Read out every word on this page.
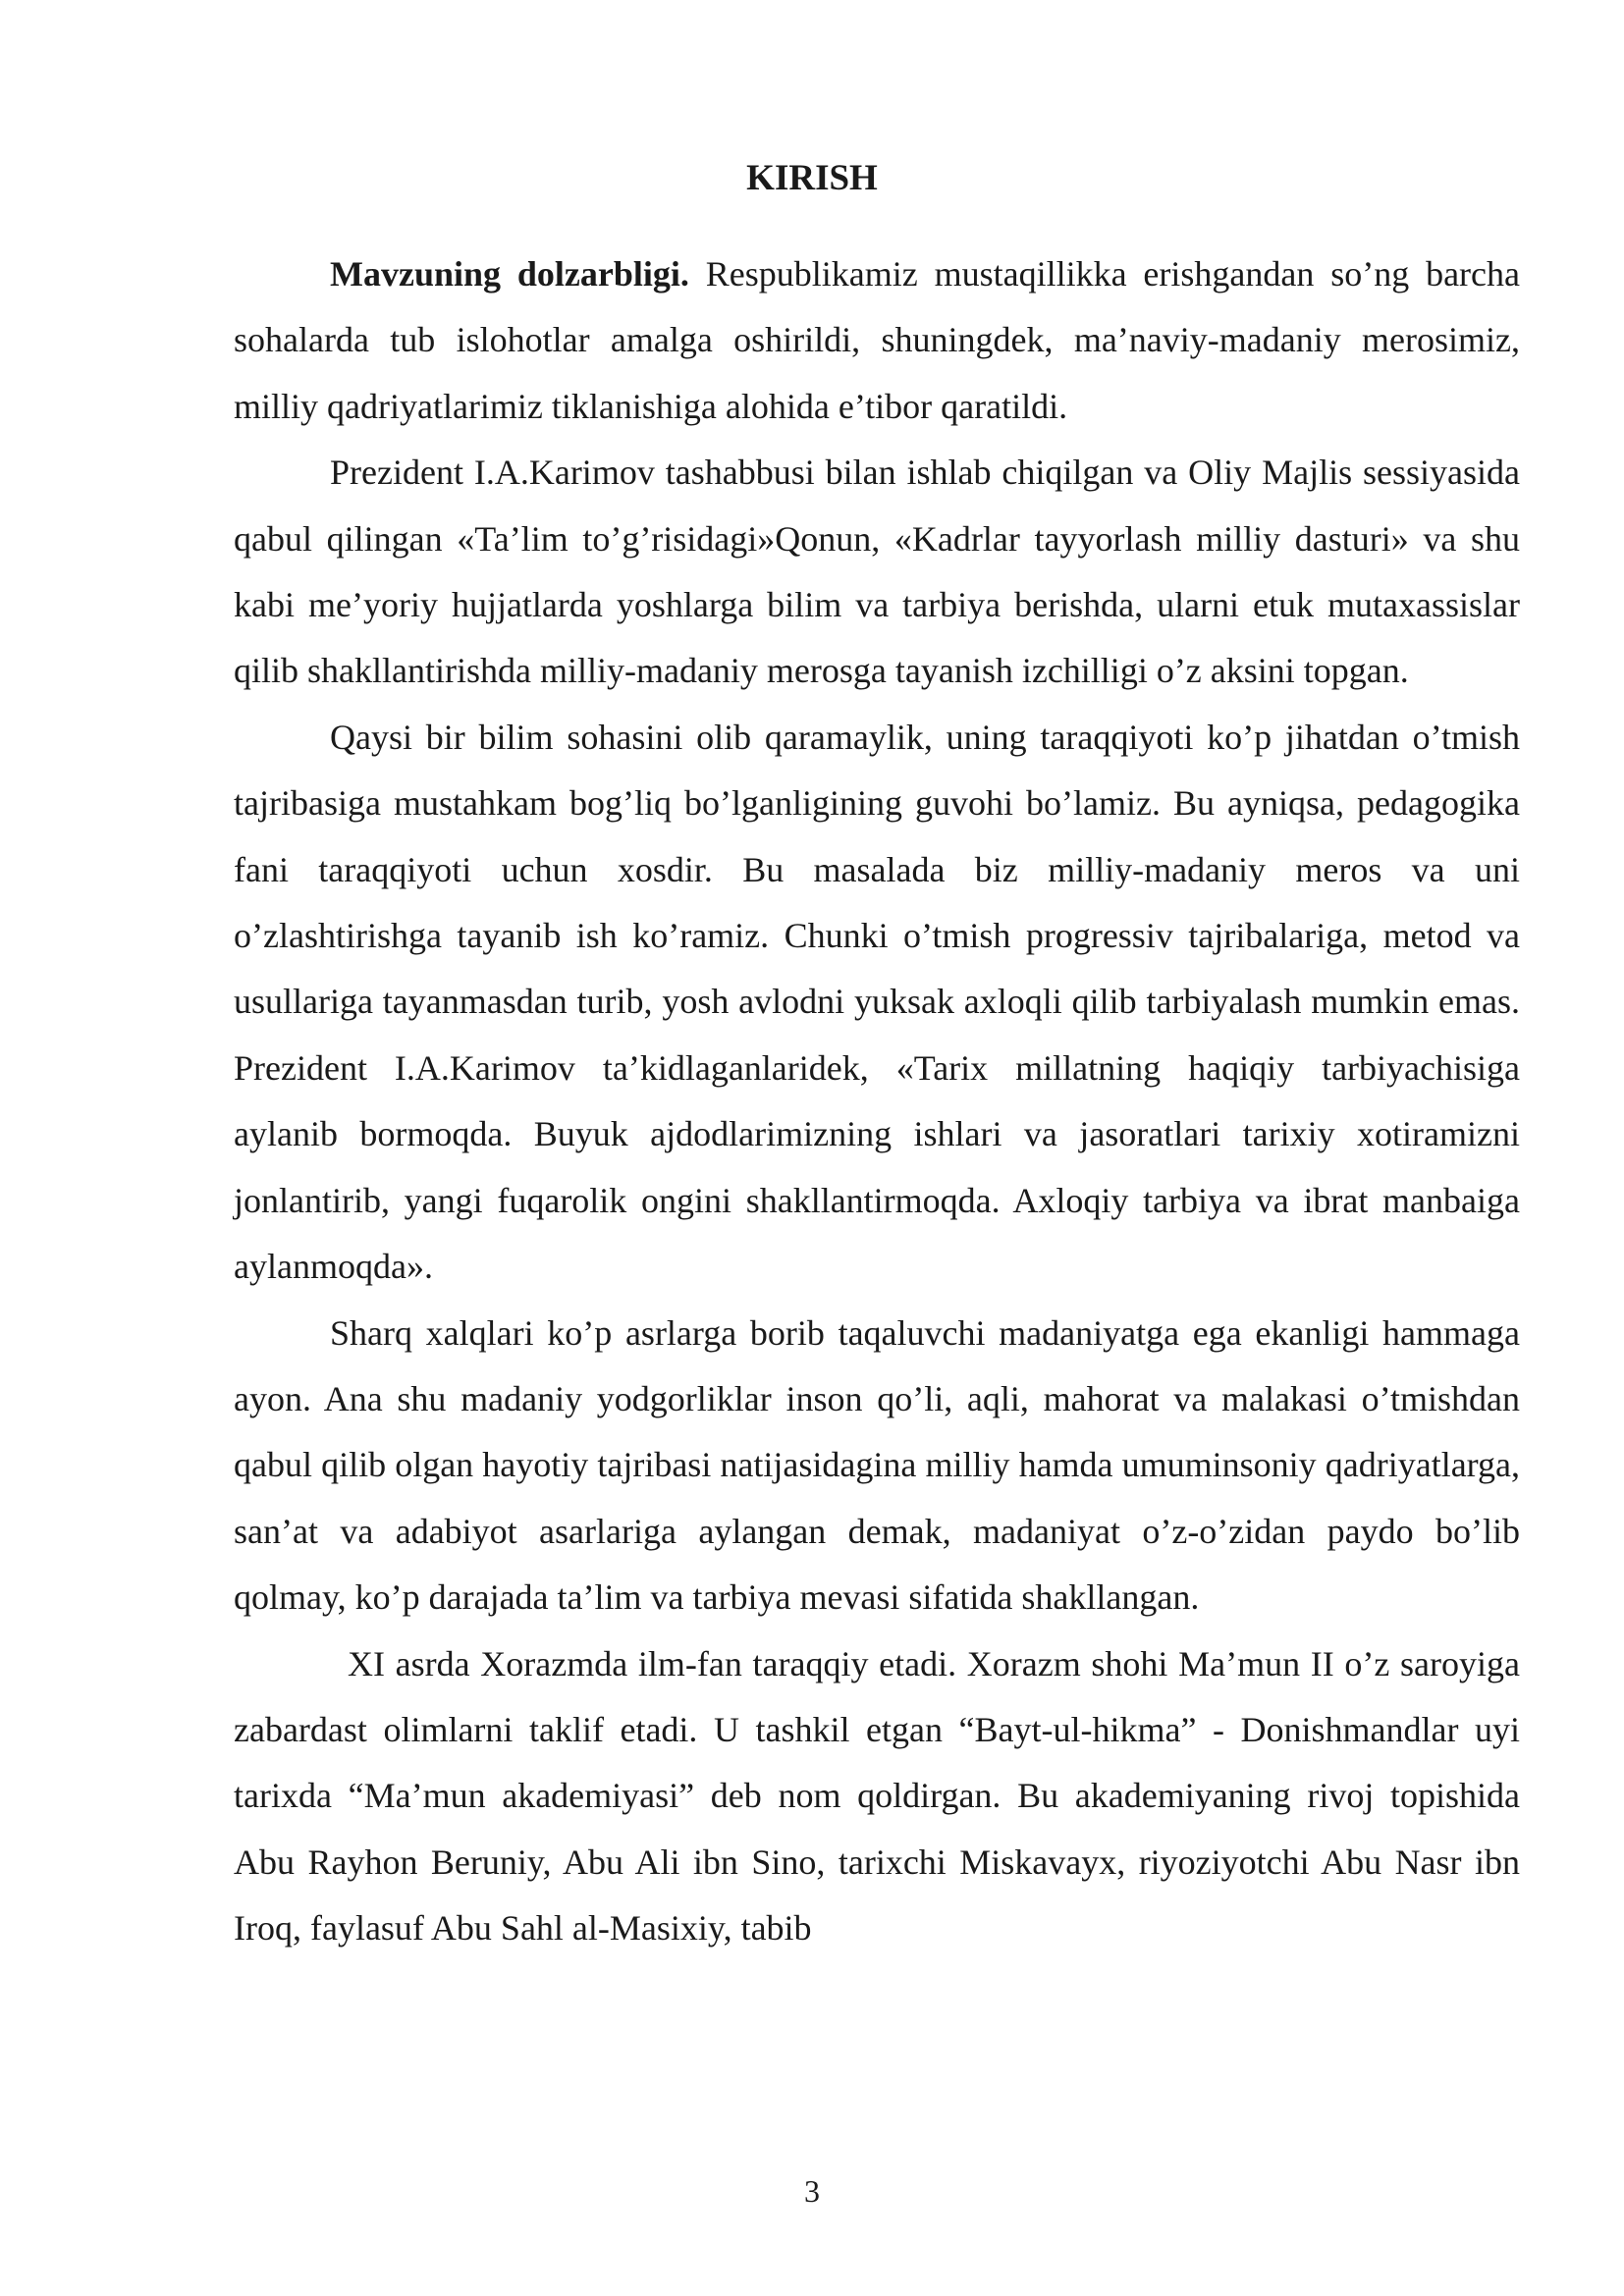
KIRISH

Mavzuning dolzarbligi. Respublikamiz mustaqillikka erishgandan so’ng barcha sohalarda tub islohotlar amalga oshirildi, shuningdek, ma’naviy-madaniy merosimiz, milliy qadriyatlarimiz tiklanishiga alohida e’tibor qaratildi.

Prezident I.A.Karimov tashabbusi bilan ishlab chiqilgan va Oliy Majlis sessiyasida qabul qilingan «Ta’lim to’g’risidagi»Qonun, «Kadrlar tayyorlash milliy dasturi» va shu kabi me’yoriy hujjatlarda yoshlarga bilim va tarbiya berishda, ularni etuk mutaxassislar qilib shakllantirishda milliy-madaniy merosga tayanish izchilligi o’z aksini topgan.

Qaysi bir bilim sohasini olib qaramaylik, uning taraqqiyoti ko’p jihatdan o’tmish tajribasiga mustahkam bog’liq bo’lganligining guvohi bo’lamiz. Bu ayniqsa, pedagogika fani taraqqiyoti uchun xosdir. Bu masalada biz milliy-madaniy meros va uni o’zlashtirishga tayanib ish ko’ramiz. Chunki o’tmish progressiv tajribalariga, metod va usullariga tayanmasdan turib, yosh avlodni yuksak axloqli qilib tarbiyalash mumkin emas. Prezident I.A.Karimov ta’kidlaganlaridek, «Tarix millatning haqiqiy tarbiyachisiga aylanib bormoqda. Buyuk ajdodlarimizning ishlari va jasoratlari tarixiy xotiramizni jonlantirib, yangi fuqarolik ongini shakllantirmoqda. Axloqiy tarbiya va ibrat manbaiga aylanmoqda».

Sharq xalqlari ko’p asrlarga borib taqaluvchi madaniyatga ega ekanligi hammaga ayon. Ana shu madaniy yodgorliklar inson qo’li, aqli, mahorat va malakasi o’tmishdan qabul qilib olgan hayotiy tajribasi natijasidagina milliy hamda umuminsoniy qadriyatlarga, san’at va adabiyot asarlariga aylangan demak, madaniyat o’z-o’zidan paydo bo’lib qolmay, ko’p darajada ta’lim va tarbiya mevasi sifatida shakllangan.

XI asrda Xorazmda ilm-fan taraqqiy etadi. Xorazm shohi Ma’mun II o’z saroyiga zabardast olimlarni taklif etadi. U tashkil etgan “Bayt-ul-hikma” - Donishmandlar uyi tarixda “Ma’mun akademiyasi” deb nom qoldirgan. Bu akademiyaning rivoj topishida Abu Rayhon Beruniy, Abu Ali ibn Sino, tarixchi Miskavayx, riyoziyotchi Abu Nasr ibn Iroq, faylasuf Abu Sahl al-Masixiy, tabib

3
